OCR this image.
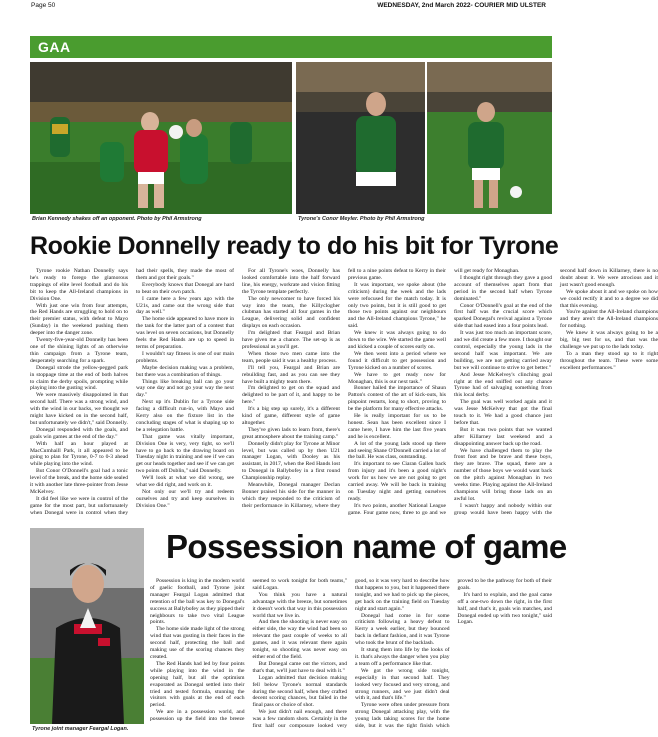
Page 50	WEDNESDAY, 2nd March 2022- COURIER MID ULSTER
GAA
Brian Kennedy shakes off an opponent. Photo by Phil Armstrong	Tyrone's Conor Meyler. Photo by Phil Armstrong
Rookie Donnelly ready to do his bit for Tyrone

Tyrone rookie Nathan Donnelly says he's ready to forego the glamorous trappings of elite level football and do his bit to keep the All-Ireland champions in Division One.

With just one win from four attempts, the Red Hands are struggling to hold on to their premier status, with defeat to Mayo (Sunday) in the weekend pushing them deeper into the danger zone.

Twenty-five-year-old Donnelly has been one of the shining lights of an otherwise thin campaign from a Tyrone team, desperately searching for a spark.

Donegal strode the yellow-pegged park in stoppage time at the end of both halves to claim the derby spoils, prompting while playing into the gusting wind.

We were massively disappointed in that second half. There was a strong wind, and with the wind in our backs, we thought we might have kicked on in the second half, but unfortunately we didn't," said Donnelly.

Donegal responded with the goals, and goals win games at the end of the day."

With half an hour played at MacCumhaill Park, it all appeared to be going to plan for Tyrone, 0-7 to 0-3 ahead while playing into the wind.

But Conor O'Donnell's goal had a tonic level of the break, and the home side sealed it with another late three-pointer from Jesse McKelvey.

It did feel like we were in control of the game for the most part, but unfortunately when Donegal were in control when they had their spells, they made the most of them and got their goals."

Everybody knows that Donegal are hard to beat on their own patch.

I came here a few years ago with the U21s, and came out the wrong side that day as well."

The home side appeared to have more in the tank for the latter part of a contest that was level on seven occasions, but Donnelly feels the Red Hands are up to speed in terms of preparation.

I wouldn't say fitness is one of our main problems.

Maybe decision making was a problem, but there was a combination of things.

Things like breaking ball can go your way one day and not go your way the next day."

Next up it's Dublin for a Tyrone side facing a difficult run-in, with Mayo and Kerry also on the fixture list in the concluding stages of what is shaping up to be a relegation battle.

That game was vitally important, Division One is very, very tight, so we'll have to go back to the drawing board on Tuesday night in training and see if we can get our heads together and see if we can get two points off Dublin," said Donnelly.

We'll look at what we did wrong, see what we did right, and work on it.

Not only our we'll try and redeem ourselves and try and keep ourselves in Division One."

For all Tyrone's woes, Donnelly has looked comfortable into the half forward line, his energy, workrate and vision fitting the Tyrone template perfectly.

The only newcomer to have forced his way into the team, the Killyclogher clubman has started all four games in the League, delivering solid and confident displays on each occasion.

I'm delighted that Feargal and Brian have given me a chance. The set-up is as professional as you'll get.

When those two men came into the team, people said it was a healthy process.

I'll tell you, Feargal and Brian are rebuilding fast, and as you can see they have built a mighty team there.

I'm delighted to get on the squad and delighted to be part of it, and happy to be here."

It's a big step up surely, it's a different kind of game, different style of game altogether.

They've given lads to learn from, there's great atmosphere about the training camp."

Donnelly didn't play for Tyrone at Minor level, but was called up by then U21 manager Logan, with Dooley as his assistant, in 2017, when the Red Hands lost to Donegal in Ballybofey in a first round Championship replay.

Meanwhile, Donegal manager Declan Bonner praised his side for the manner in which they responded to the criticism of their performance in Killarney, where they fell to a nine points defeat to Kerry in their previous game.

It was important, we spoke about (the criticism) during the week and the lads were refocused for the match today. It is only two points, but it is still good to get those two points against our neighbours and the All-Ireland champions Tyrone," he said.

We knew it was always going to do down to the wire. We started the game well and kicked a couple of scores early on.

We then went into a period where we found it difficult to get possession and Tyrone kicked on a number of scores.

We have to get ready now for Monaghan, this is our next task."

Bonner hailed the importance of Shaun Patton's contest of the art of kick-outs, his pinpoint restarts, long to short, proving to be the platform for many effective attacks.

He is really important for us to be honest. Sean has been excellent since I came here, I have him the last five years and he is excellent.

A lot of the young lads stood up there and seeing Shane O'Donnell carried a lot of the ball. He was class, outstanding.

It's important to see Ciaran Gallen back from injury and it's been a good night's work for us how we are not going to get carried away. We will be back in training on Tuesday night and getting ourselves ready.

It's two points, another National League game. Four game now, three to go and we will get ready for Monaghan.

I thought right through they gave a good account of themselves apart from that period in the second half when Tyrone dominated."

Conor O'Donnell's goal at the end of the first half was the crucial score which sparked Donegal's revival against a Tyrone side that had eased into a four points lead.

It was just too much an important score, and we did create a few more. I thought our control, especially the young lads in the second half was important. We are building, we are not getting carried away but we will continue to strive to get better."

And Jesse McKelvey's clinching goal right at the end sniffed out any chance Tyrone had of salvaging something from this local derby.

The goal was well worked again and it was Jesse McKelvey that got the final touch to it. We had a good chance just before that.

But it was two points that we wanted after Killarney last weekend and a disappointing answer back up the road.

We have challenged them to play the front foot and be brave and these boys, they are brave. The squad, there are a number of those boys we would want back on the pitch against Monaghan in two weeks time. Playing against the All-Ireland champions will bring those lads on an awful lot.

I wasn't happy and nobody within our group would have been happy with the second half down in Killarney, there is no doubt about it. We were atrocious and it just wasn't good enough.

We spoke about it and we spoke on how we could rectify it and to a degree we did that this evening.

You're against the All-Ireland champions and they aren't the All-Ireland champions for nothing.

We knew it was always going to be a big, big test for us, and that was the challenge we put up to the lads today.

To a man they stood up to it right throughout the team. These were some excellent performances."

Tyrone joint manager Feargal Logan.
Possession name of game

Possession is king in the modern world of gaelic football, and Tyrone joint manager Feargal Logan admitted that retention of the ball was key to Donegal's success at Ballybofey as they pipped their neighbours to take two vital League points.

The home side made light of the strong wind that was gusting in their faces in the second half, protecting the ball and making use of the scoring chances they created.

The Red Hands had led by four points while playing into the wind in the opening half, but all the optimism evaporated as Donegal settled into their tried and tested formula, stunning the visitors with goals at the end of each period.

We are in a possession world, and possession up the field into the breeze seemed to work tonight for both teams," said Logan.

You think you have a natural advantage with the breeze, but sometimes it doesn't work that way in this possession world that we live in.

And then the shooting is never easy on either side, the way the wind had been so relevant the past couple of weeks to all games, and it was relevant there again tonight, so shooting was never easy on either end of the field.

But Donegal came out the victors, and that's that, we'll just have to deal with it."

Logan admitted that decision making fell below Tyrone's normal standards during the second half, when they crafted decent scoring chances, but failed in the final pass or choice of shot.

We just didn't nail enough, and there was a few random shots. Certainly in the first half our composure looked very good, so it was very hard to describe how that happens to you, but it happened there tonight, and we had to pick up the pieces, get back on the training field on Tuesday night and start again."

Donegal had come in for some criticism following a heavy defeat to Kerry a week earlier, but they bounced back in defiant fashion, and it was Tyrone who took the brunt of the backlash.

It stung them into life by the looks of it. that's always the danger when you play a team off a performance like that.

We got the wrong side tonight, especially in that second half. They looked very focused and very strong, and strong runners, and we just didn't deal with it, and that's life."

Tyrone were often under pressure from strong Donegal attacking play, with the young lads taking scores for the home side, but it was the tight finish which proved to be the pathway for both of their goals.

It's hard to explain, and the goal came off a one-two down the right, in the first half, and that's it, goals win matches, and Donegal ended up with two tonight," said Logan.
